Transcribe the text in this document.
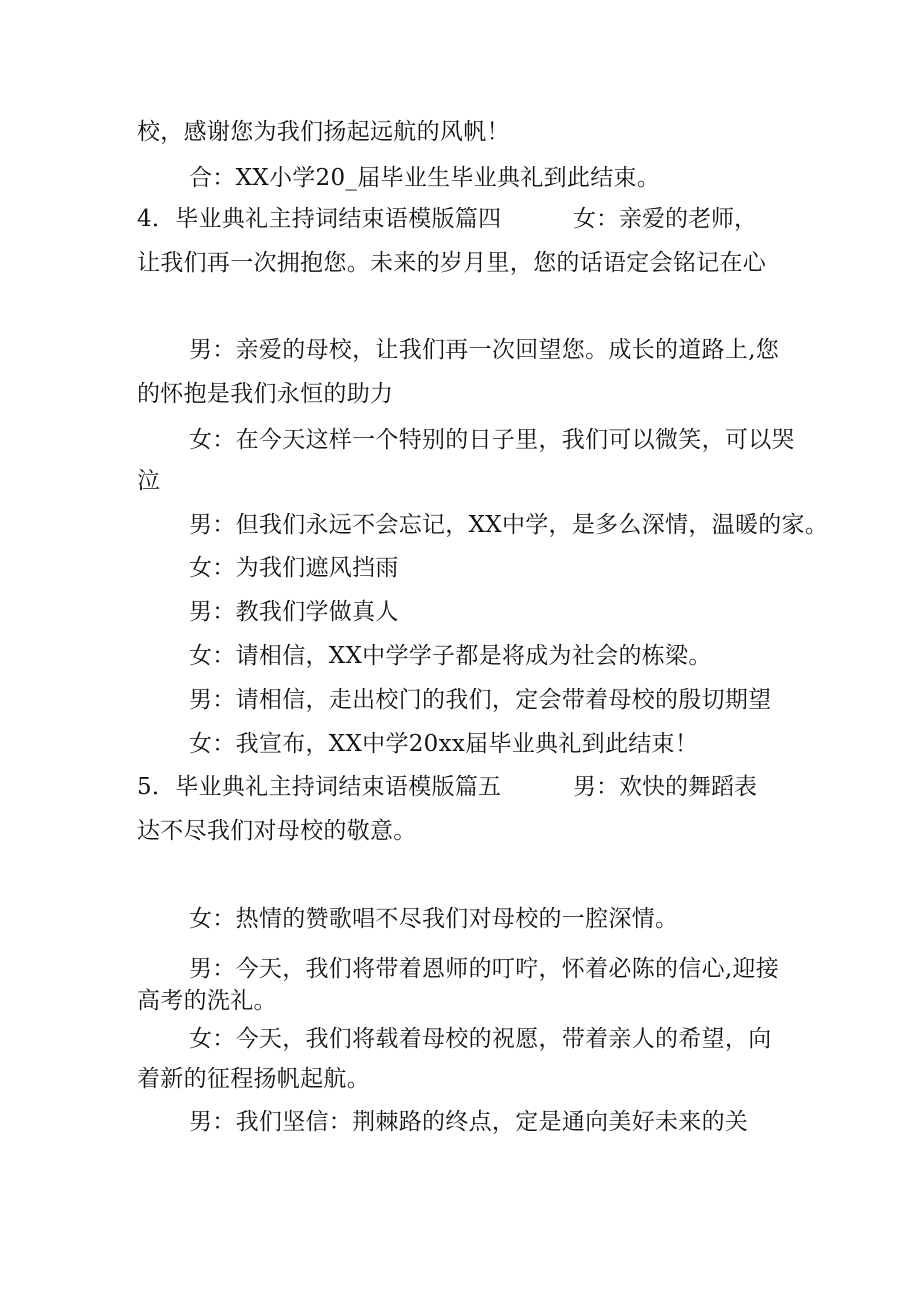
校，感谢您为我们扬起远航的风帆！
合：XX小学20_届毕业生毕业典礼到此结束。
4．毕业典礼主持词结束语模版篇四	女：亲爱的老师，
让我们再一次拥抱您。未来的岁月里，您的话语定会铭记在心
男：亲爱的母校，让我们再一次回望您。成长的道路上,您
的怀抱是我们永恒的助力
女：在今天这样一个特别的日子里，我们可以微笑，可以哭
泣
男：但我们永远不会忘记，XX中学，是多么深情，温暖的家。
女：为我们遮风挡雨
男：教我们学做真人
女：请相信，XX中学学子都是将成为社会的栋梁。
男：请相信，走出校门的我们，定会带着母校的殷切期望
女：我宣布，XX中学20xx届毕业典礼到此结束！
5．毕业典礼主持词结束语模版篇五	男：欢快的舞蹈表
达不尽我们对母校的敬意。
女：热情的赞歌唱不尽我们对母校的一腔深情。
男：今天，我们将带着恩师的叮咛，怀着必陈的信心,迎接
高考的洗礼。
女：今天，我们将载着母校的祝愿，带着亲人的希望，向
着新的征程扬帆起航。
男：我们坚信：荆棘路的终点，定是通向美好未来的关
